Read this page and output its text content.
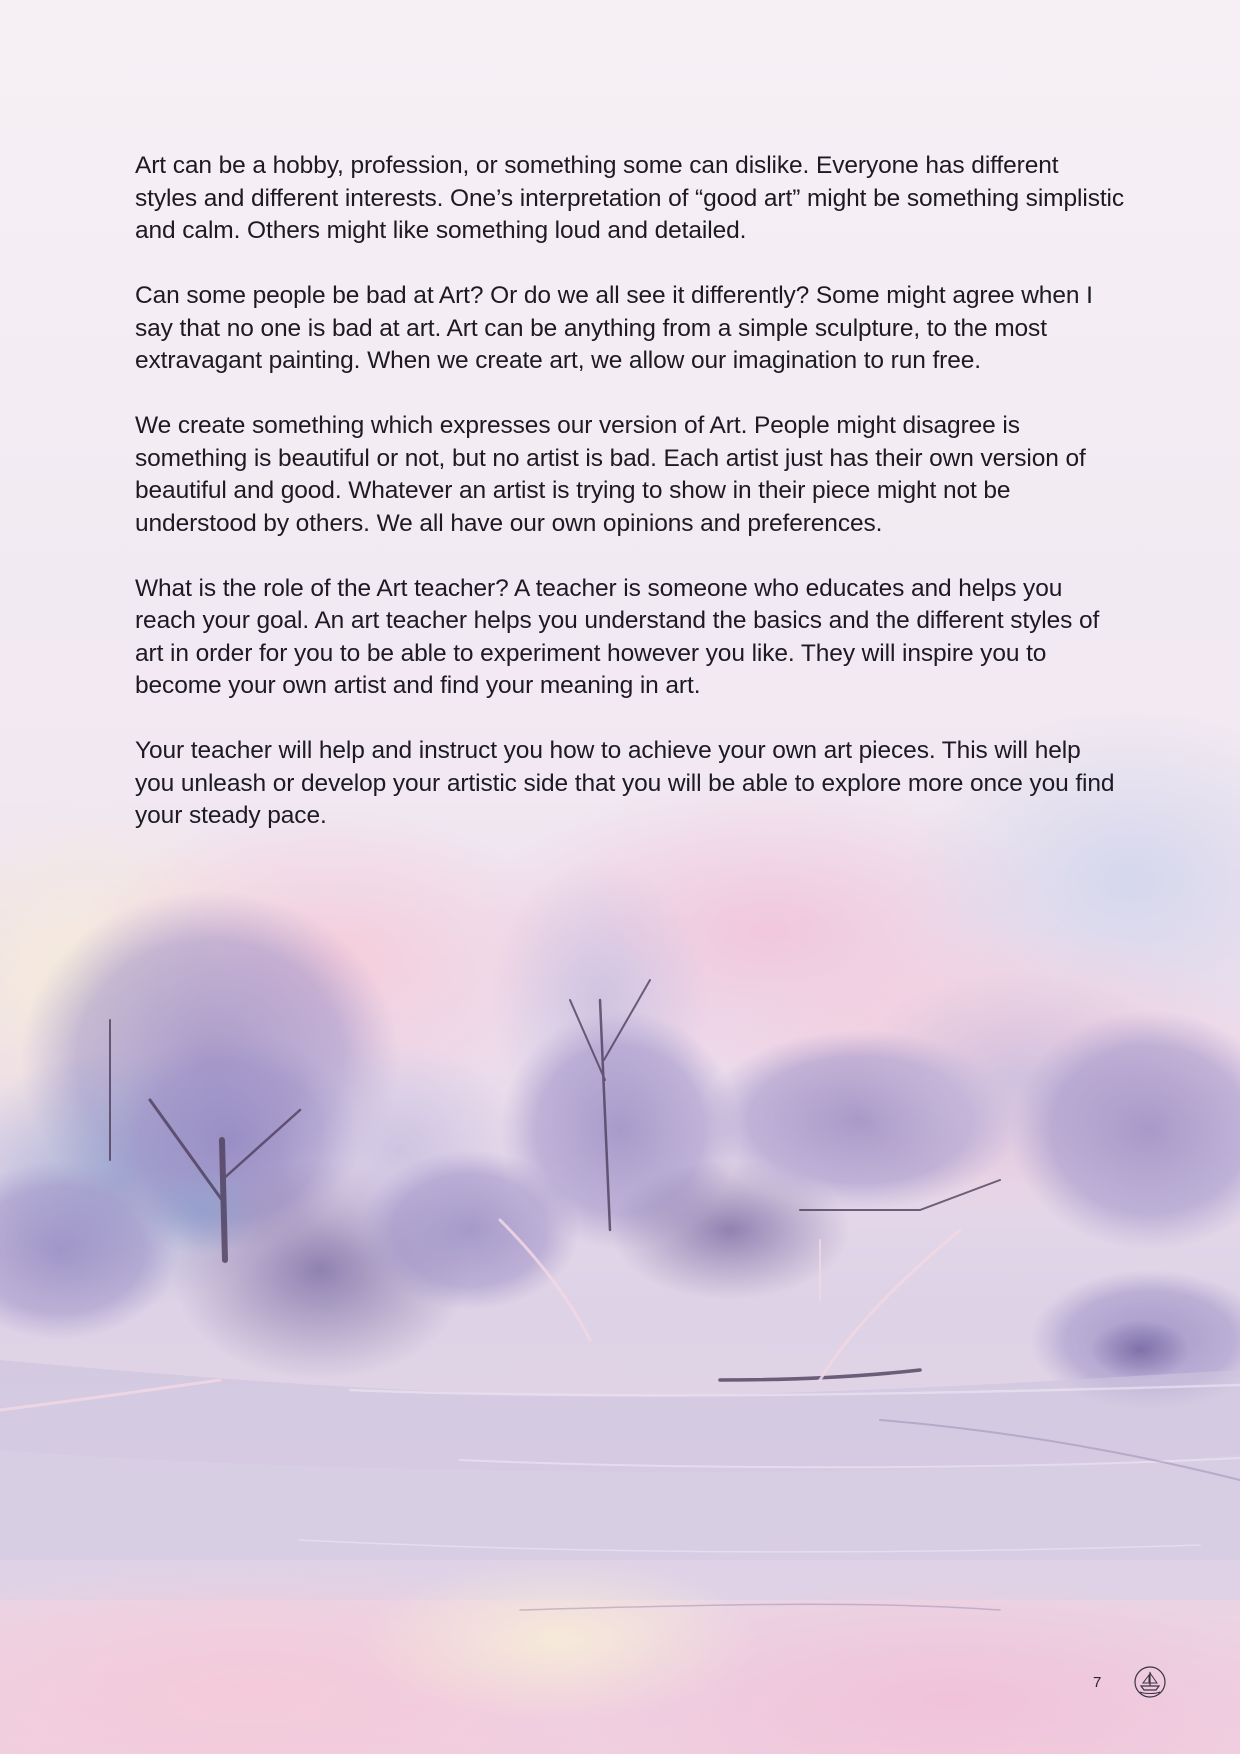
Art can be a hobby, profession, or something some can dislike. Everyone has different styles and different interests. One’s interpretation of “good art” might be something simplistic and calm. Others might like something loud and detailed.

Can some people be bad at Art? Or do we all see it differently? Some might agree when I say that no one is bad at art. Art can be anything from a simple sculpture, to the most extravagant painting. When we create art, we allow our imagination to run free.

We create something which expresses our version of Art. People might disagree is something is beautiful or not, but no artist is bad. Each artist just has their own version of beautiful and good. Whatever an artist is trying to show in their piece might not be understood by others. We all have our own opinions and preferences.

What is the role of the Art teacher? A teacher is someone who educates and helps you reach your goal. An art teacher helps you understand the basics and the different styles of art in order for you to be able to experiment however you like. They will inspire you to become your own artist and find your meaning in art.

Your teacher will help and instruct you how to achieve your own art pieces. This will help you unleash or develop your artistic side that you will be able to explore more once you find your steady pace.

7
